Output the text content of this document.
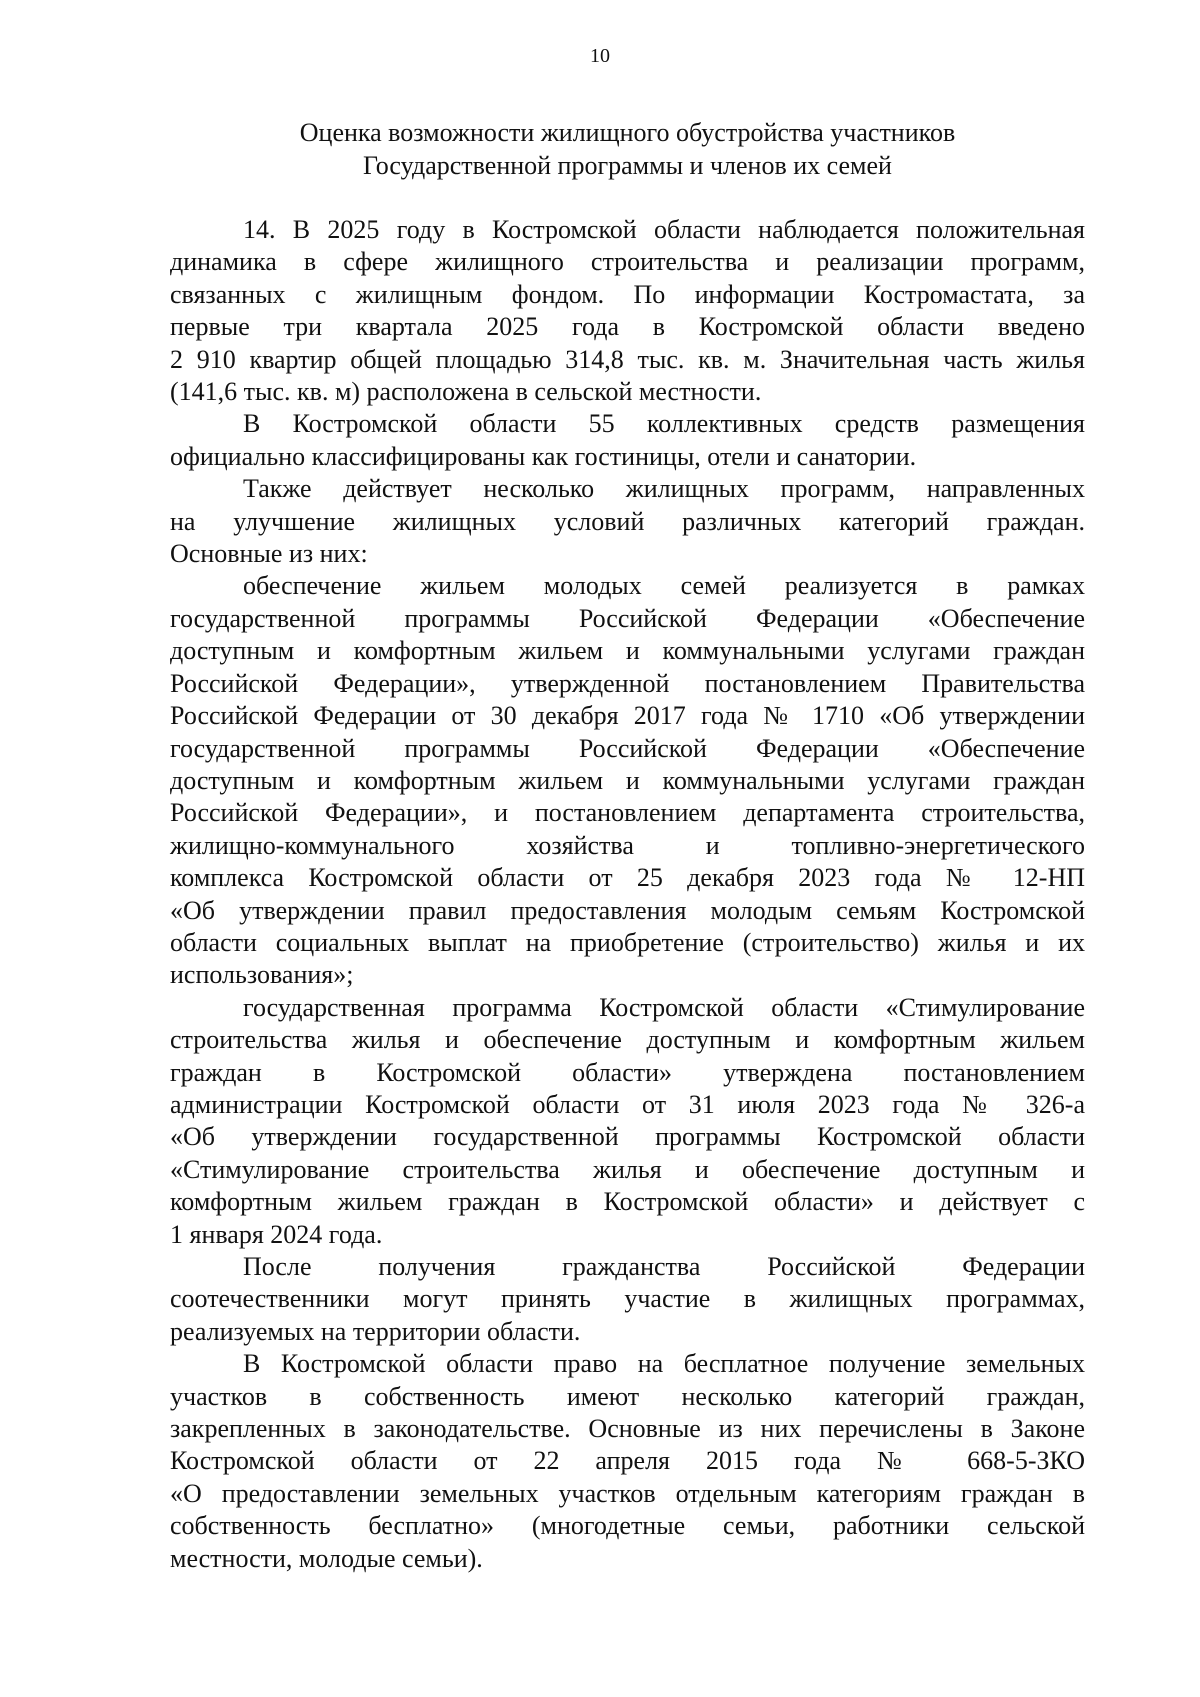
10
Оценка возможности жилищного обустройства участников
Государственной программы и членов их семей
14. В 2025 году в Костромской области наблюдается положительная
динамика в сфере жилищного строительства и реализации программ,
связанных с жилищным фондом. По информации Костромастата, за
первые три квартала 2025 года в Костромской области введено
2 910 квартир общей площадью 314,8 тыс. кв. м. Значительная часть жилья
(141,6 тыс. кв. м) расположена в сельской местности.
В Костромской области 55 коллективных средств размещения
официально классифицированы как гостиницы, отели и санатории.
Также действует несколько жилищных программ, направленных
на улучшение жилищных условий различных категорий граждан.
Основные из них:
обеспечение жильем молодых семей реализуется в рамках
государственной программы Российской Федерации «Обеспечение
доступным и комфортным жильем и коммунальными услугами граждан
Российской Федерации», утвержденной постановлением Правительства
Российской Федерации от 30 декабря 2017 года № 1710 «Об утверждении
государственной программы Российской Федерации «Обеспечение
доступным и комфортным жильем и коммунальными услугами граждан
Российской Федерации», и постановлением департамента строительства,
жилищно-коммунального хозяйства и топливно-энергетического
комплекса Костромской области от 25 декабря 2023 года № 12-НП
«Об утверждении правил предоставления молодым семьям Костромской
области социальных выплат на приобретение (строительство) жилья и их
использования»;
государственная программа Костромской области «Стимулирование
строительства жилья и обеспечение доступным и комфортным жильем
граждан в Костромской области» утверждена постановлением
администрации Костромской области от 31 июля 2023 года № 326-а
«Об утверждении государственной программы Костромской области
«Стимулирование строительства жилья и обеспечение доступным и
комфортным жильем граждан в Костромской области» и действует с
1 января 2024 года.
После получения гражданства Российской Федерации
соотечественники могут принять участие в жилищных программах,
реализуемых на территории области.
В Костромской области право на бесплатное получение земельных
участков в собственность имеют несколько категорий граждан,
закрепленных в законодательстве. Основные из них перечислены в Законе
Костромской области от 22 апреля 2015 года № 668-5-ЗКО
«О предоставлении земельных участков отдельным категориям граждан в
собственность бесплатно» (многодетные семьи, работники сельской
местности, молодые семьи).
